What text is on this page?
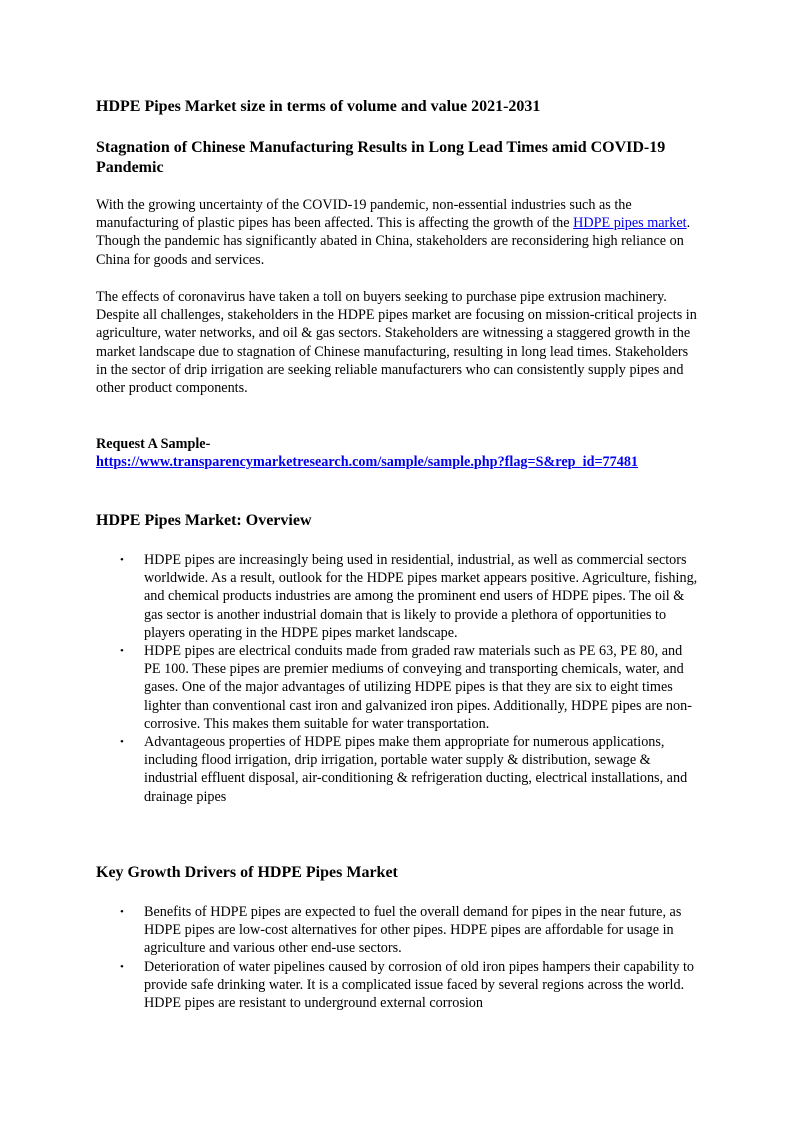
HDPE Pipes Market size in terms of volume and value 2021-2031
Stagnation of Chinese Manufacturing Results in Long Lead Times amid COVID-19 Pandemic

With the growing uncertainty of the COVID-19 pandemic, non-essential industries such as the manufacturing of plastic pipes has been affected. This is affecting the growth of the HDPE pipes market. Though the pandemic has significantly abated in China, stakeholders are reconsidering high reliance on China for goods and services.

The effects of coronavirus have taken a toll on buyers seeking to purchase pipe extrusion machinery. Despite all challenges, stakeholders in the HDPE pipes market are focusing on mission-critical projects in agriculture, water networks, and oil & gas sectors. Stakeholders are witnessing a staggered growth in the market landscape due to stagnation of Chinese manufacturing, resulting in long lead times. Stakeholders in the sector of drip irrigation are seeking reliable manufacturers who can consistently supply pipes and other product components.

Request A Sample-
https://www.transparencymarketresearch.com/sample/sample.php?flag=S&rep_id=77481
HDPE Pipes Market: Overview
• HDPE pipes are increasingly being used in residential, industrial, as well as commercial sectors worldwide. As a result, outlook for the HDPE pipes market appears positive. Agriculture, fishing, and chemical products industries are among the prominent end users of HDPE pipes. The oil & gas sector is another industrial domain that is likely to provide a plethora of opportunities to players operating in the HDPE pipes market landscape.
• HDPE pipes are electrical conduits made from graded raw materials such as PE 63, PE 80, and PE 100. These pipes are premier mediums of conveying and transporting chemicals, water, and gases. One of the major advantages of utilizing HDPE pipes is that they are six to eight times lighter than conventional cast iron and galvanized iron pipes. Additionally, HDPE pipes are non-corrosive. This makes them suitable for water transportation.
• Advantageous properties of HDPE pipes make them appropriate for numerous applications, including flood irrigation, drip irrigation, portable water supply & distribution, sewage & industrial effluent disposal, air-conditioning & refrigeration ducting, electrical installations, and drainage pipes
Key Growth Drivers of HDPE Pipes Market
• Benefits of HDPE pipes are expected to fuel the overall demand for pipes in the near future, as HDPE pipes are low-cost alternatives for other pipes. HDPE pipes are affordable for usage in agriculture and various other end-use sectors.
• Deterioration of water pipelines caused by corrosion of old iron pipes hampers their capability to provide safe drinking water. It is a complicated issue faced by several regions across the world. HDPE pipes are resistant to underground external corrosion
